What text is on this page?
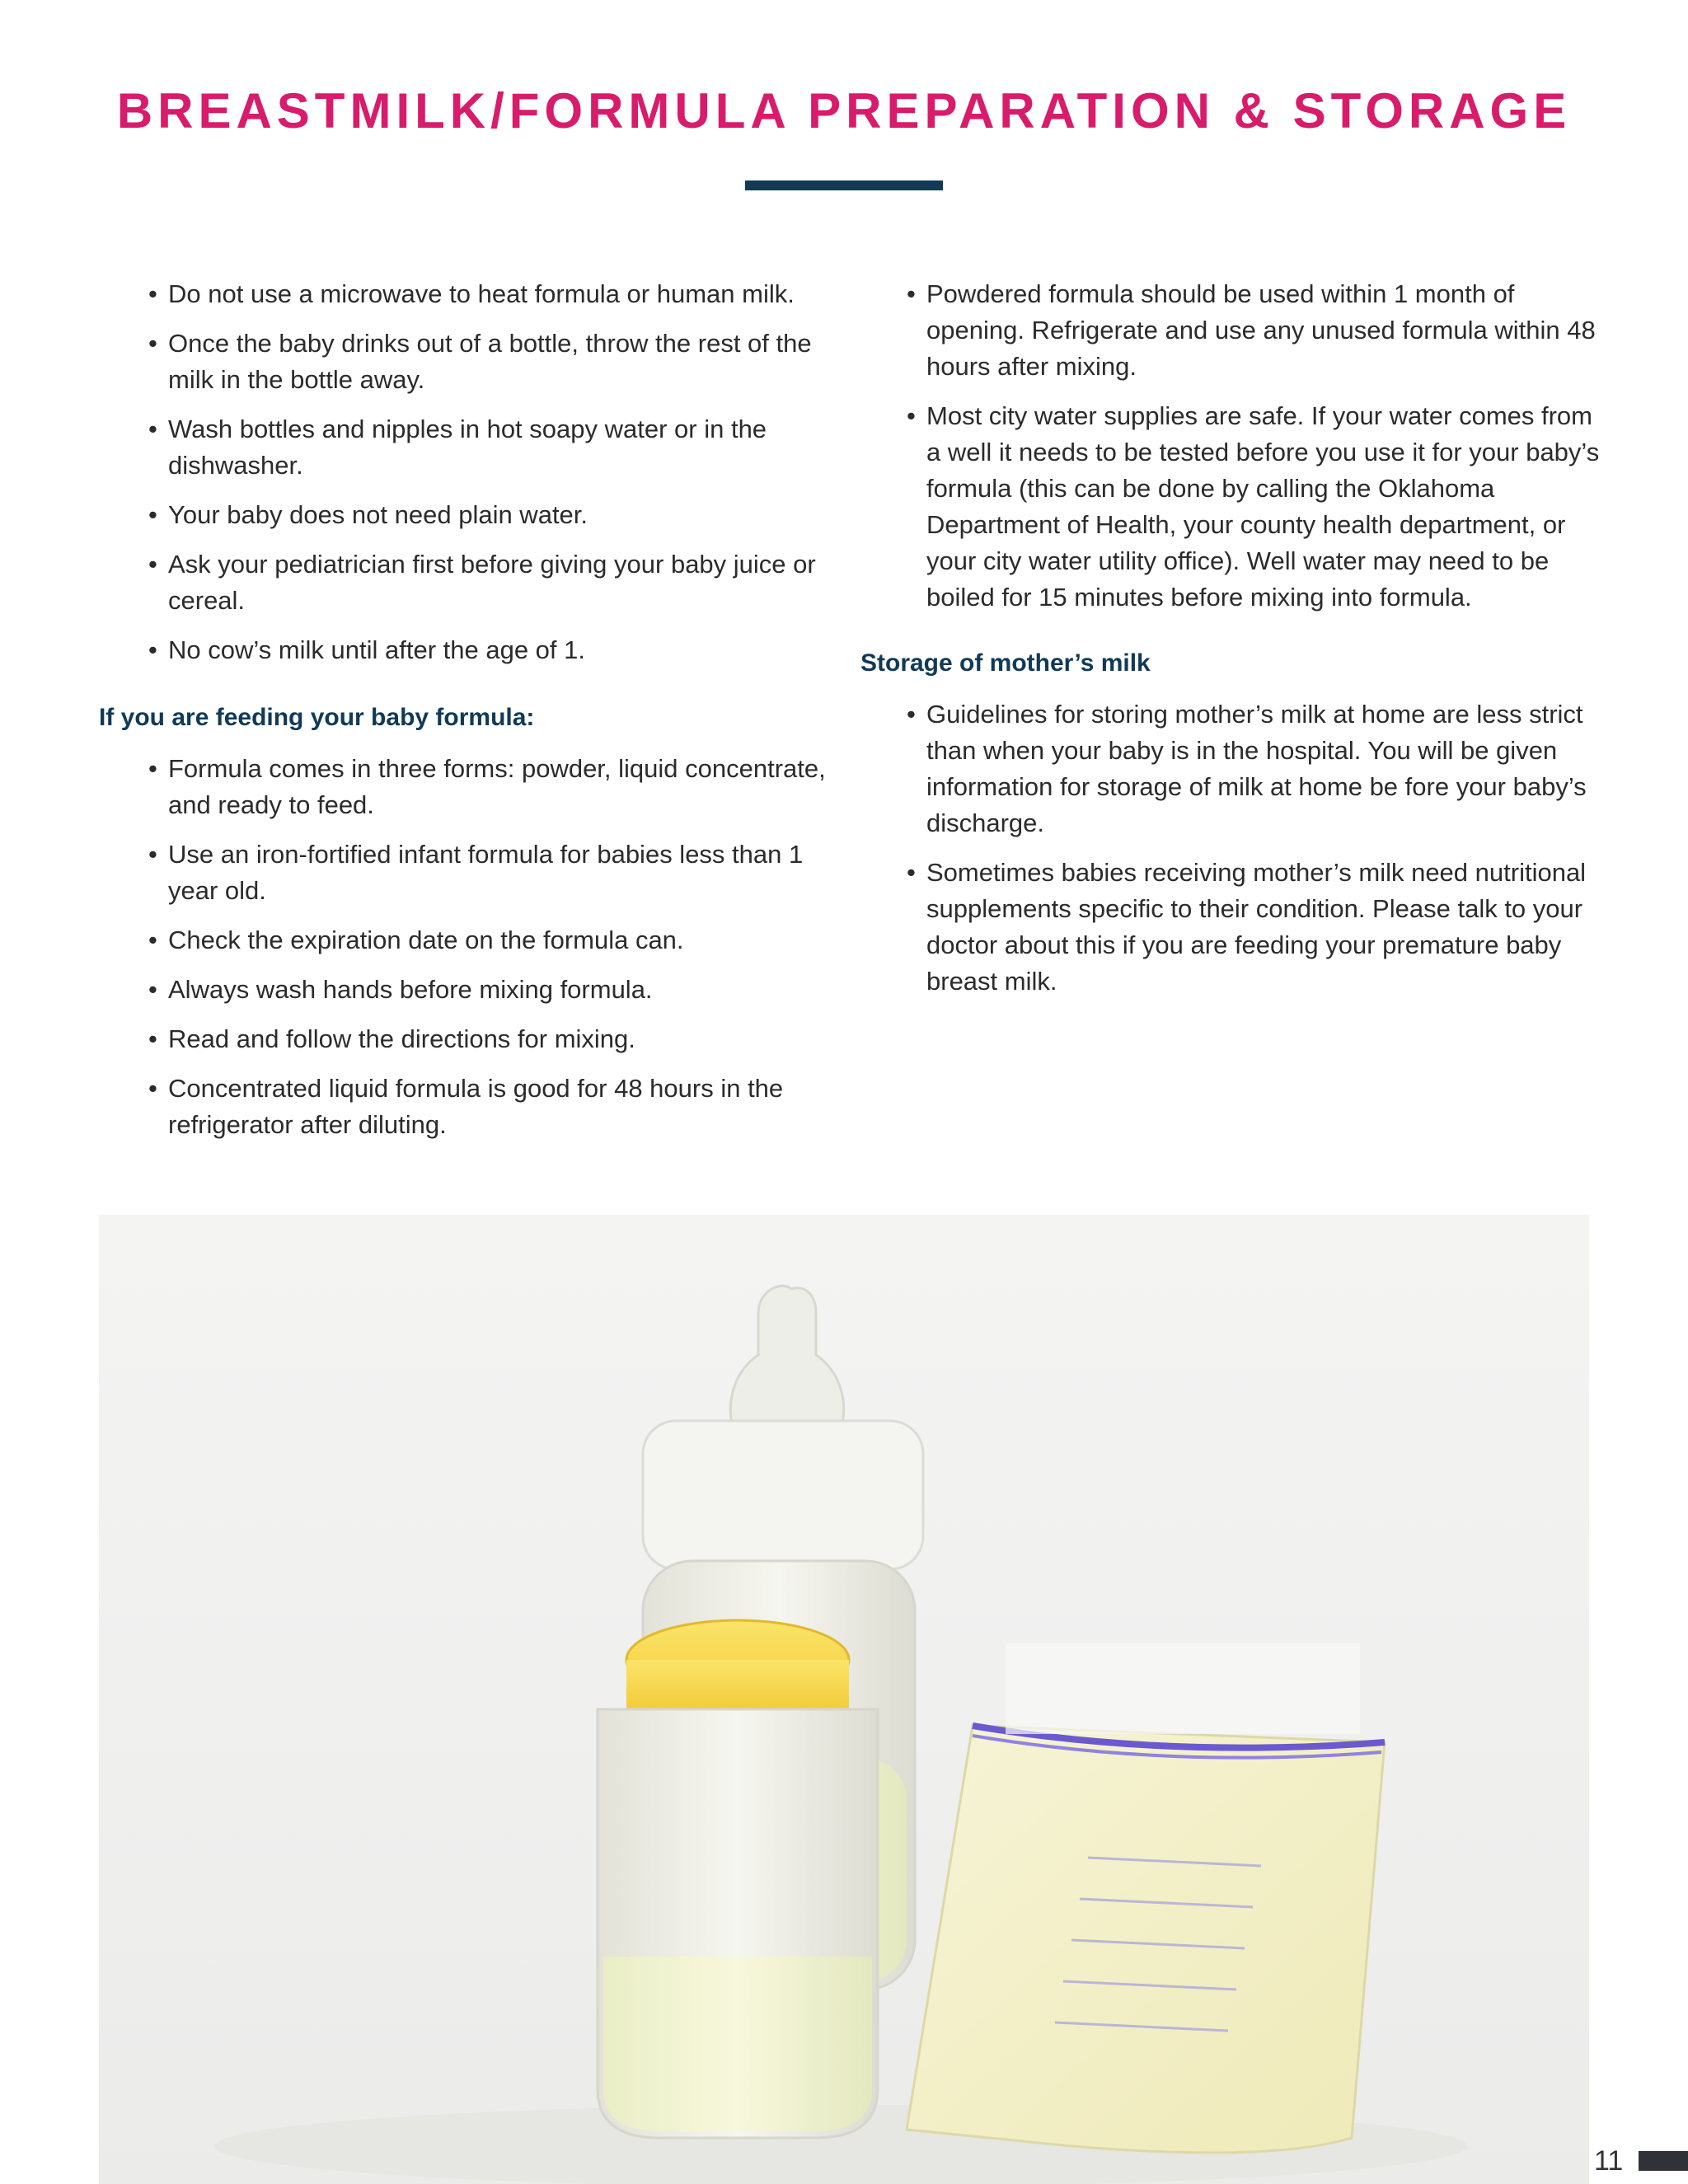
BREASTMILK/FORMULA PREPARATION & STORAGE
• Do not use a microwave to heat formula or human milk.
• Once the baby drinks out of a bottle, throw the rest of the milk in the bottle away.
• Wash bottles and nipples in hot soapy water or in the dishwasher.
• Your baby does not need plain water.
• Ask your pediatrician first before giving your baby juice or cereal.
• No cow’s milk until after the age of 1.
If you are feeding your baby formula:
• Formula comes in three forms: powder, liquid concentrate, and ready to feed.
• Use an iron-fortified infant formula for babies less than 1 year old.
• Check the expiration date on the formula can.
• Always wash hands before mixing formula.
• Read and follow the directions for mixing.
• Concentrated liquid formula is good for 48 hours in the refrigerator after diluting.
• Powdered formula should be used within 1 month of opening. Refrigerate and use any unused formula within 48 hours after mixing.
• Most city water supplies are safe. If your water comes from a well it needs to be tested before you use it for your baby’s formula (this can be done by calling the Oklahoma Department of Health, your county health department, or your city water utility office). Well water may need to be boiled for 15 minutes before mixing into formula.
Storage of mother’s milk
• Guidelines for storing mother’s milk at home are less strict than when your baby is in the hospital. You will be given information for storage of milk at home be fore your baby’s discharge.
• Sometimes babies receiving mother’s milk need nutritional supplements specific to their condition. Please talk to your doctor about this if you are feeding your premature baby breast milk.
11
